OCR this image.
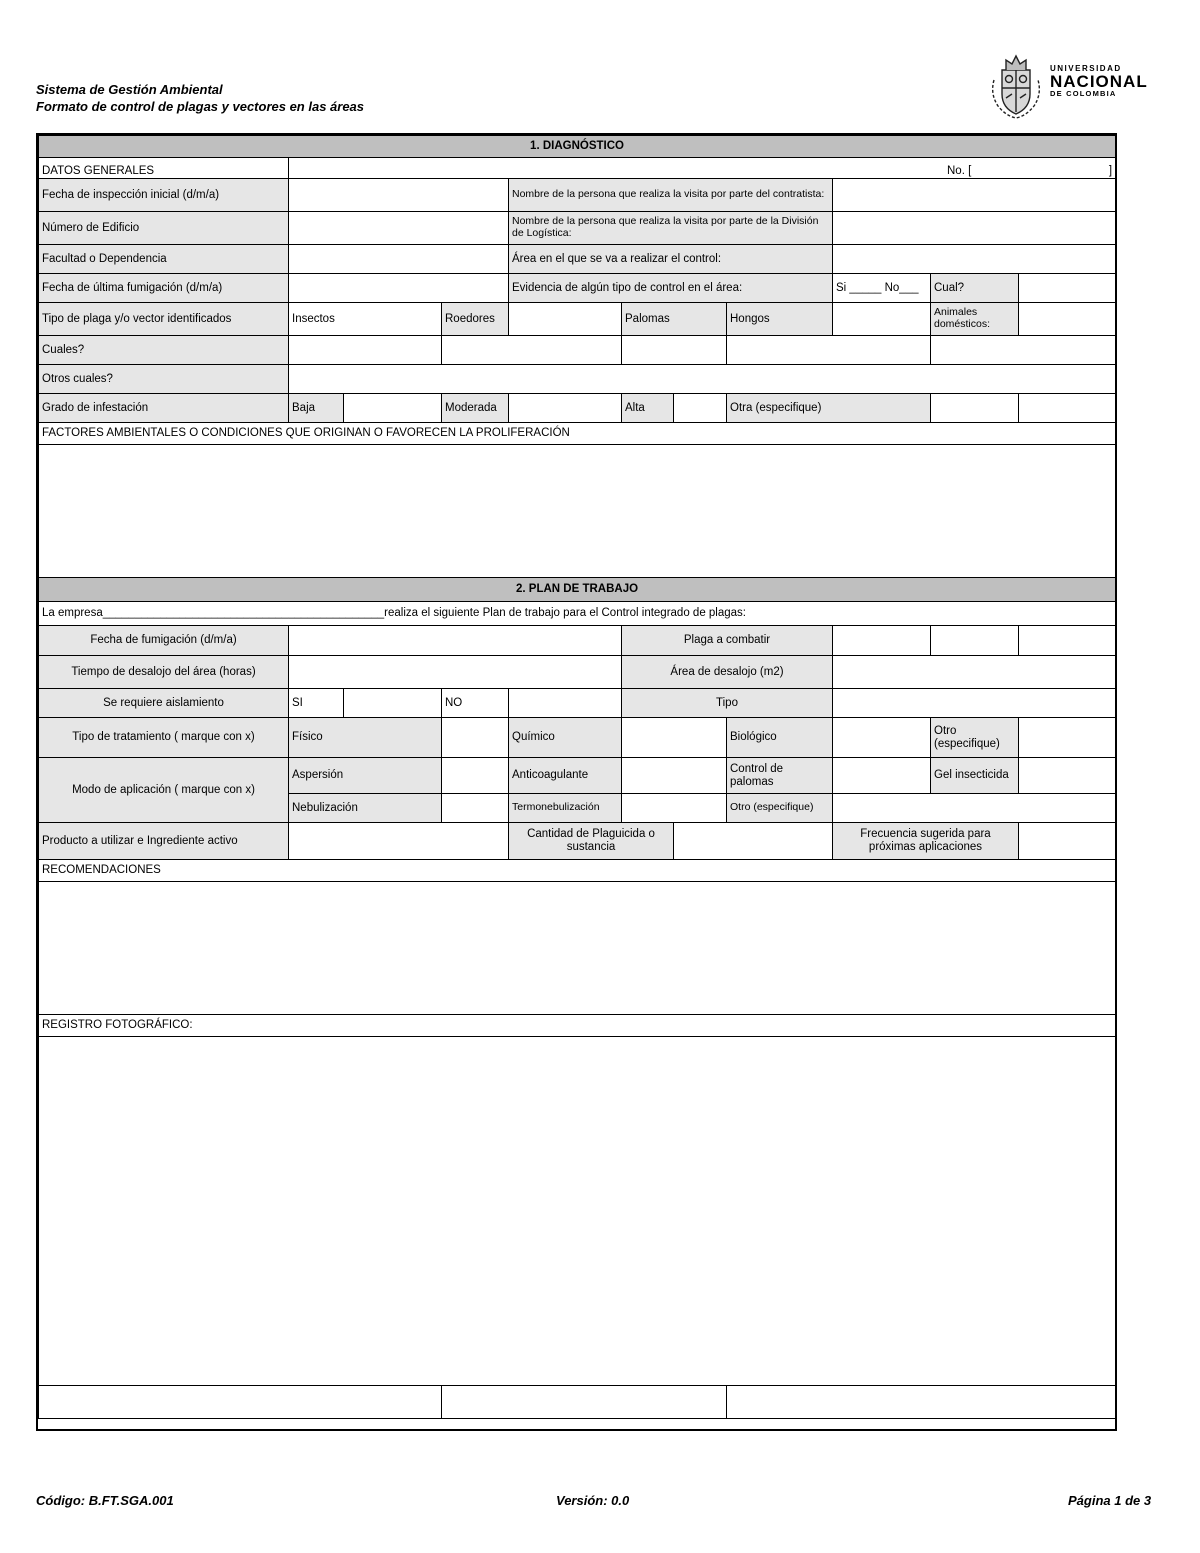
Sistema de Gestión Ambiental
Formato de control de plagas y vectores en las áreas
UNIVERSIDAD
NACIONAL
DE COLOMBIA
1. DIAGNÓSTICO										
DATOS GENERALES	No. [ ]									

Fecha de inspección inicial (d/m/a)				Nombre de la persona que realiza la visita por parte del contratista:						
Número de Edificio				Nombre de la persona que realiza la visita por parte de la División de Logística:						
Facultad o Dependencia				Área en el que se va a realizar el control:						
Fecha de última fumigación (d/m/a)				Evidencia de algún tipo de control en el área:				Si _____ No___	Cual?	
Tipo de plaga y/o vector identificados	Insectos		Roedores		Palomas		Hongos		Animales domésticos:	
Cuales?										
Otros cuales?										
Grado de infestación	Baja		Moderada		Alta		Otra (especifique)			
FACTORES AMBIENTALES O CONDICIONES QUE ORIGINAN O FAVORECEN LA PROLIFERACIÓN										

2. PLAN DE TRABAJO										
La empresa____________________________________________realiza el siguiente Plan de trabajo para el Control integrado de plagas:										
Fecha de fumigación (d/m/a)					Plaga a combatir					
Tiempo de desalojo del área (horas)					Área de desalojo (m2)					
Se requiere aislamiento	SI		NO		Tipo					
Tipo de tratamiento ( marque con x)	Físico			Químico			Biológico		Otro (especifique)	
Modo de aplicación ( marque con x)	Aspersión			Anticoagulante			Control de palomas		Gel insecticida	
	Nebulización			Termonebulización			Otro (especifique)			
Producto a utilizar e Ingrediente activo				Cantidad de Plaguicida o sustancia				Frecuencia sugerida para próximas aplicaciones		
RECOMENDACIONES										

REGISTRO FOTOGRÁFICO:										

Código: B.FT.SGA.001	Versión: 0.0	Página 1 de 3
